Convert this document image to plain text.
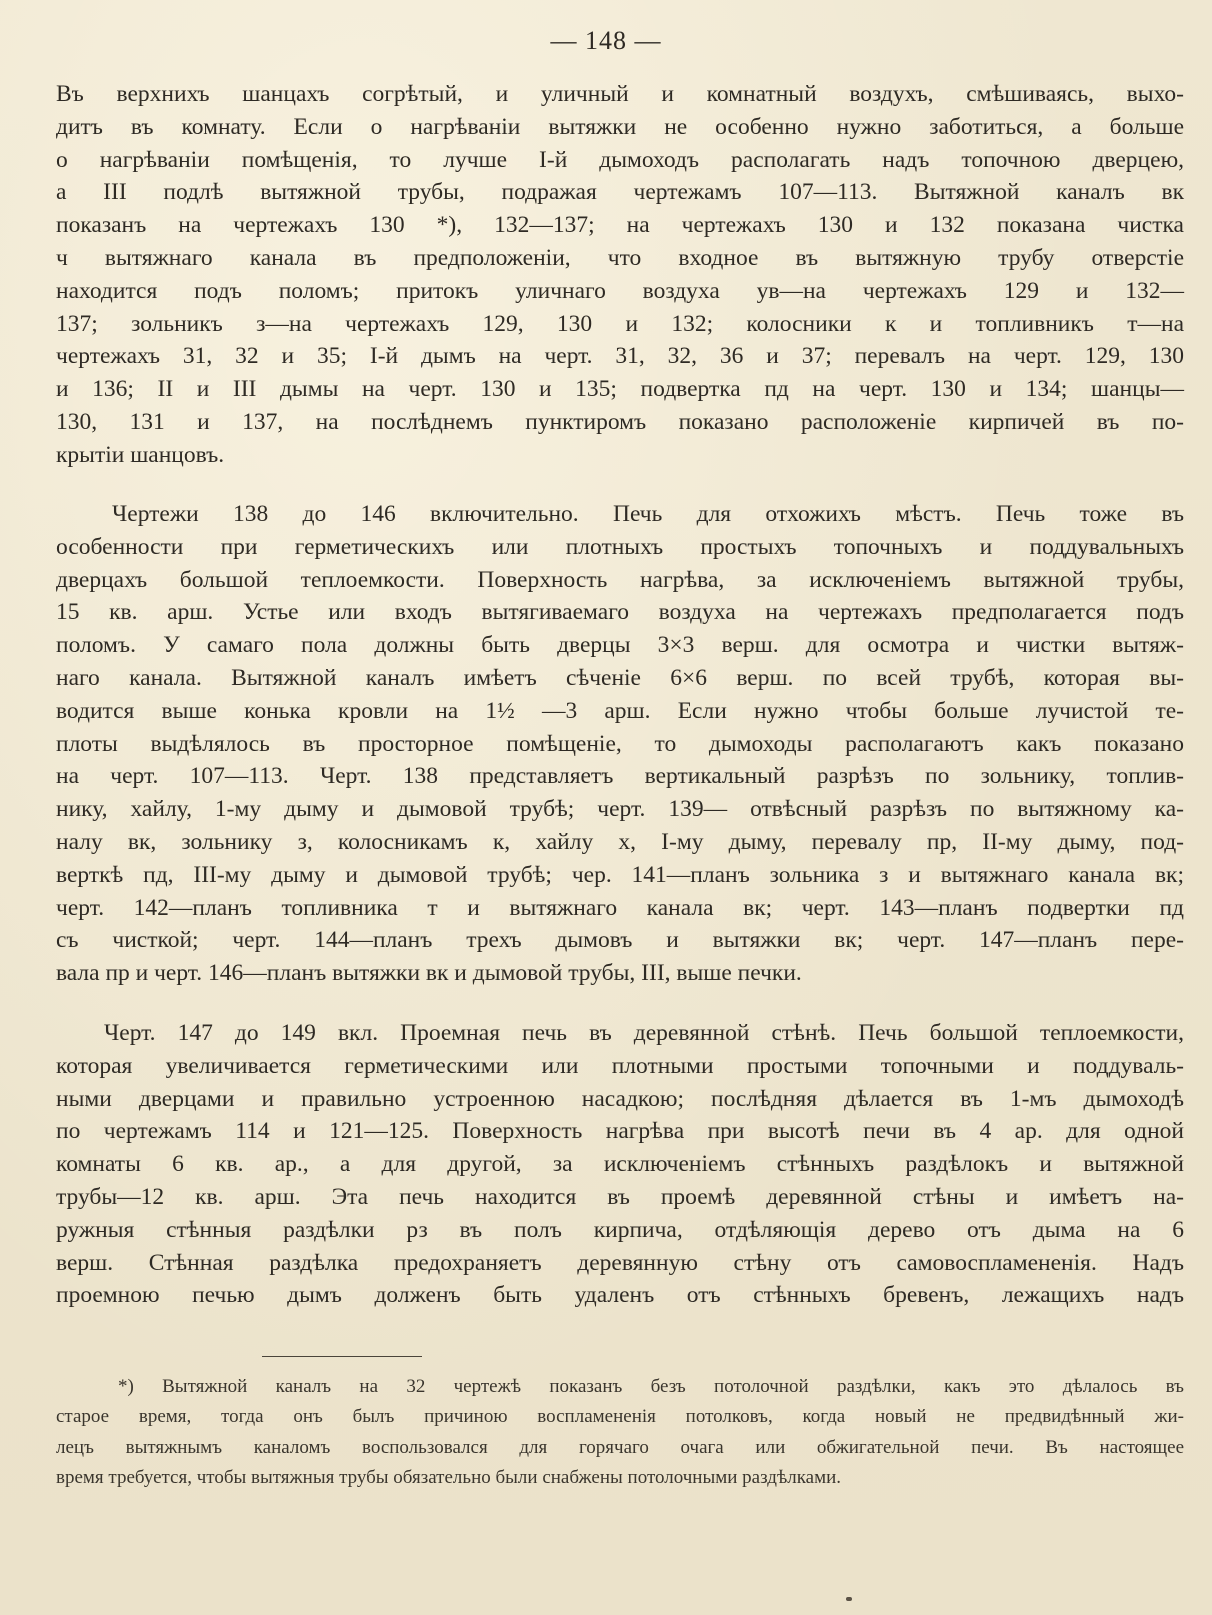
— 148 —
Въ верхнихъ шанцахъ согрѣтый, и уличный и комнатный воздухъ, смѣшиваясь, выхо-
дитъ въ комнату. Если о нагрѣванiи вытяжки не особенно нужно заботиться, а больше
о нагрѣванiи помѣщенiя, то лучше I-й дымоходъ располагать надъ топочною дверцею,
а III подлѣ вытяжной трубы, подражая чертежамъ 107—113. Вытяжной каналъ вк
показанъ на чертежахъ 130 *), 132—137; на чертежахъ 130 и 132 показана чистка
ч вытяжнаго канала въ предположенiи, что входное въ вытяжную трубу отверстiе
находится подъ поломъ; притокъ уличнаго воздуха ув—на чертежахъ 129 и 132—
137; зольникъ з—на чертежахъ 129, 130 и 132; колосники к и топливникъ т—на
чертежахъ 31, 32 и 35; I-й дымъ на черт. 31, 32, 36 и 37; перевалъ на черт. 129, 130
и 136; II и III дымы на черт. 130 и 135; подвертка пд на черт. 130 и 134; шанцы—
130, 131 и 137, на послѣднемъ пунктиромъ показано расположенiе кирпичей въ по-
крытiи шанцовъ.
Чертежи 138 до 146 включительно. Печь для отхожихъ мѣстъ. Печь тоже въ
особенности при герметическихъ или плотныхъ простыхъ топочныхъ и поддувальныхъ
дверцахъ большой теплоемкости. Поверхность нагрѣва, за исключенiемъ вытяжной трубы,
15 кв. арш. Устье или входъ вытягиваемаго воздуха на чертежахъ предполагается подъ
поломъ. У самаго пола должны быть дверцы 3×3 верш. для осмотра и чистки вытяж-
наго канала. Вытяжной каналъ имѣетъ сѣченiе 6×6 верш. по всей трубѣ, которая вы-
водится выше конька кровли на 1½ —3 арш. Если нужно чтобы больше лучистой те-
плоты выдѣлялось въ просторное помѣщенiе, то дымоходы располагаютъ какъ показано
на черт. 107—113. Черт. 138 представляетъ вертикальный разрѣзъ по зольнику, топлив-
нику, хайлу, 1-му дыму и дымовой трубѣ; черт. 139— отвѣсный разрѣзъ по вытяжному ка-
налу вк, зольнику з, колосникамъ к, хайлу х, I-му дыму, перевалу пр, II-му дыму, под-
верткѣ пд, III-му дыму и дымовой трубѣ; чер. 141—планъ зольника з и вытяжнаго канала вк;
черт. 142—планъ топливника т и вытяжнаго канала вк; черт. 143—планъ подвертки пд
съ чисткой; черт. 144—планъ трехъ дымовъ и вытяжки вк; черт. 147—планъ пере-
вала пр и черт. 146—планъ вытяжки вк и дымовой трубы, III, выше печки.
Черт. 147 до 149 вкл. Проемная печь въ деревянной стѣнѣ. Печь большой теплоемкости,
которая увеличивается герметическими или плотными простыми топочными и поддуваль-
ными дверцами и правильно устроенною насадкою; послѣдняя дѣлается въ 1-мъ дымоходѣ
по чертежамъ 114 и 121—125. Поверхность нагрѣва при высотѣ печи въ 4 ар. для одной
комнаты 6 кв. ар., а для другой, за исключенiемъ стѣнныхъ раздѣлокъ и вытяжной
трубы—12 кв. арш. Эта печь находится въ проемѣ деревянной стѣны и имѣетъ на-
ружныя стѣнныя раздѣлки рз въ полъ кирпича, отдѣляющiя дерево отъ дыма на 6
верш. Стѣнная раздѣлка предохраняетъ деревянную стѣну отъ самовоспламененiя. Надъ
проемною печью дымъ долженъ быть удаленъ отъ стѣнныхъ бревенъ, лежащихъ надъ
*) Вытяжной каналъ на 32 чертежѣ показанъ безъ потолочной раздѣлки, какъ это дѣлалось въ
старое время, тогда онъ былъ причиною воспламененiя потолковъ, когда новый не предвидѣнный жи-
лецъ вытяжнымъ каналомъ воспользовался для горячаго очага или обжигательной печи. Въ настоящее
время требуется, чтобы вытяжныя трубы обязательно были снабжены потолочными раздѣлками.
